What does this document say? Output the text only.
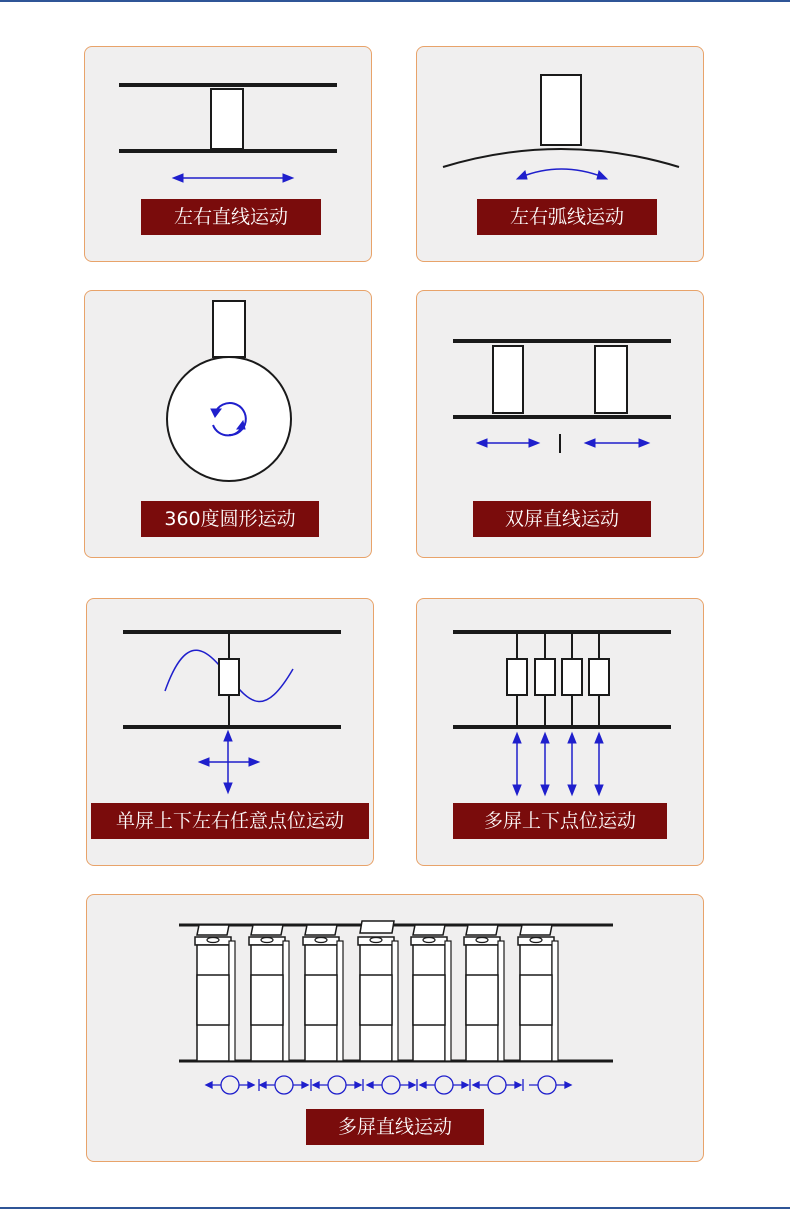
左右直线运动	左右弧线运动
360度圆形运动	双屏直线运动
单屏上下左右任意点位运动	多屏上下点位运动
多屏直线运动
